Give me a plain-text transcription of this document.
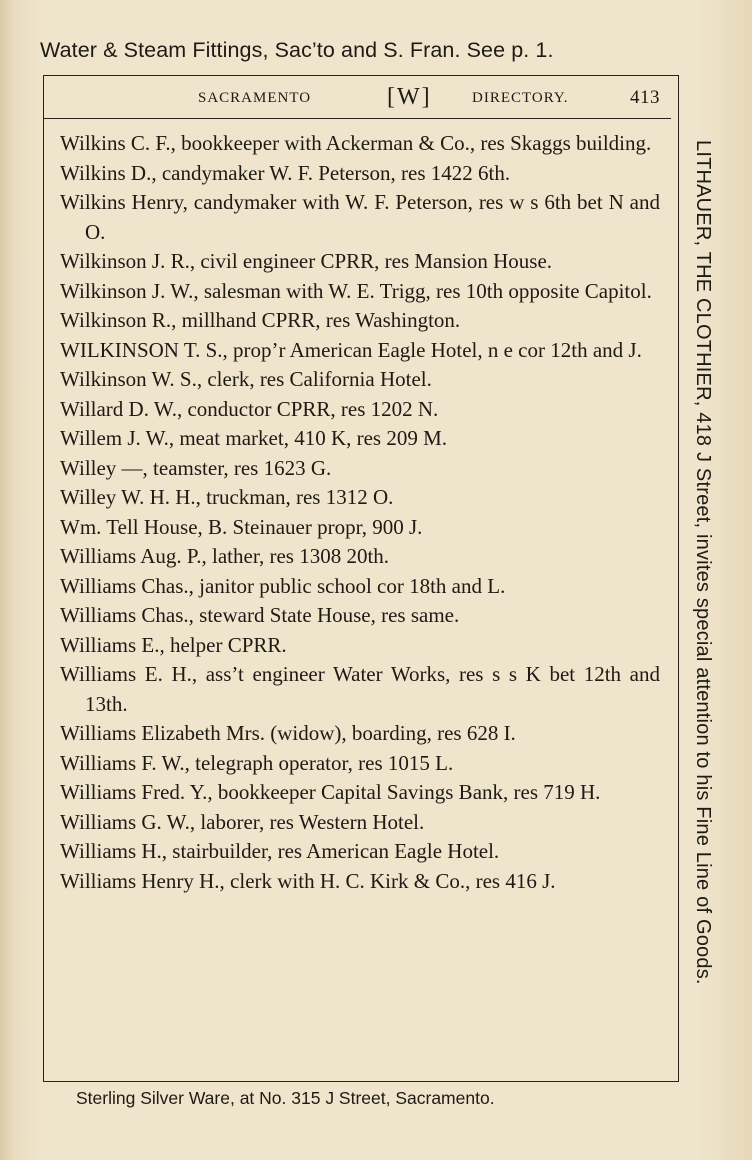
Water & Steam Fittings, Sac’to and S. Fran. See p. 1.
SACRAMENTO	[W]	DIRECTORY.	413
Wilkins C. F., bookkeeper with Ackerman & Co., res Skaggs building.
Wilkins D., candymaker W. F. Peterson, res 1422 6th.
Wilkins Henry, candymaker with W. F. Peterson, res w s 6th bet N and O.
Wilkinson J. R., civil engineer CPRR, res Mansion House.
Wilkinson J. W., salesman with W. E. Trigg, res 10th opposite Capitol.
Wilkinson R., millhand CPRR, res Washington.
WILKINSON T. S., prop’r American Eagle Hotel, n e cor 12th and J.
Wilkinson W. S., clerk, res California Hotel.
Willard D. W., conductor CPRR, res 1202 N.
Willem J. W., meat market, 410 K, res 209 M.
Willey —, teamster, res 1623 G.
Willey W. H. H., truckman, res 1312 O.
Wm. Tell House, B. Steinauer propr, 900 J.
Williams Aug. P., lather, res 1308 20th.
Williams Chas., janitor public school cor 18th and L.
Williams Chas., steward State House, res same.
Williams E., helper CPRR.
Williams E. H., ass’t engineer Water Works, res s s K bet 12th and 13th.
Williams Elizabeth Mrs. (widow), boarding, res 628 I.
Williams F. W., telegraph operator, res 1015 L.
Williams Fred. Y., bookkeeper Capital Savings Bank, res 719 H.
Williams G. W., laborer, res Western Hotel.
Williams H., stairbuilder, res American Eagle Hotel.
Williams Henry H., clerk with H. C. Kirk & Co., res 416 J.	LITHAUER, THE CLOTHIER, 418 J Street, invites special attention to his Fine Line of Goods.
Sterling Silver Ware, at No. 315 J Street, Sacramento.
